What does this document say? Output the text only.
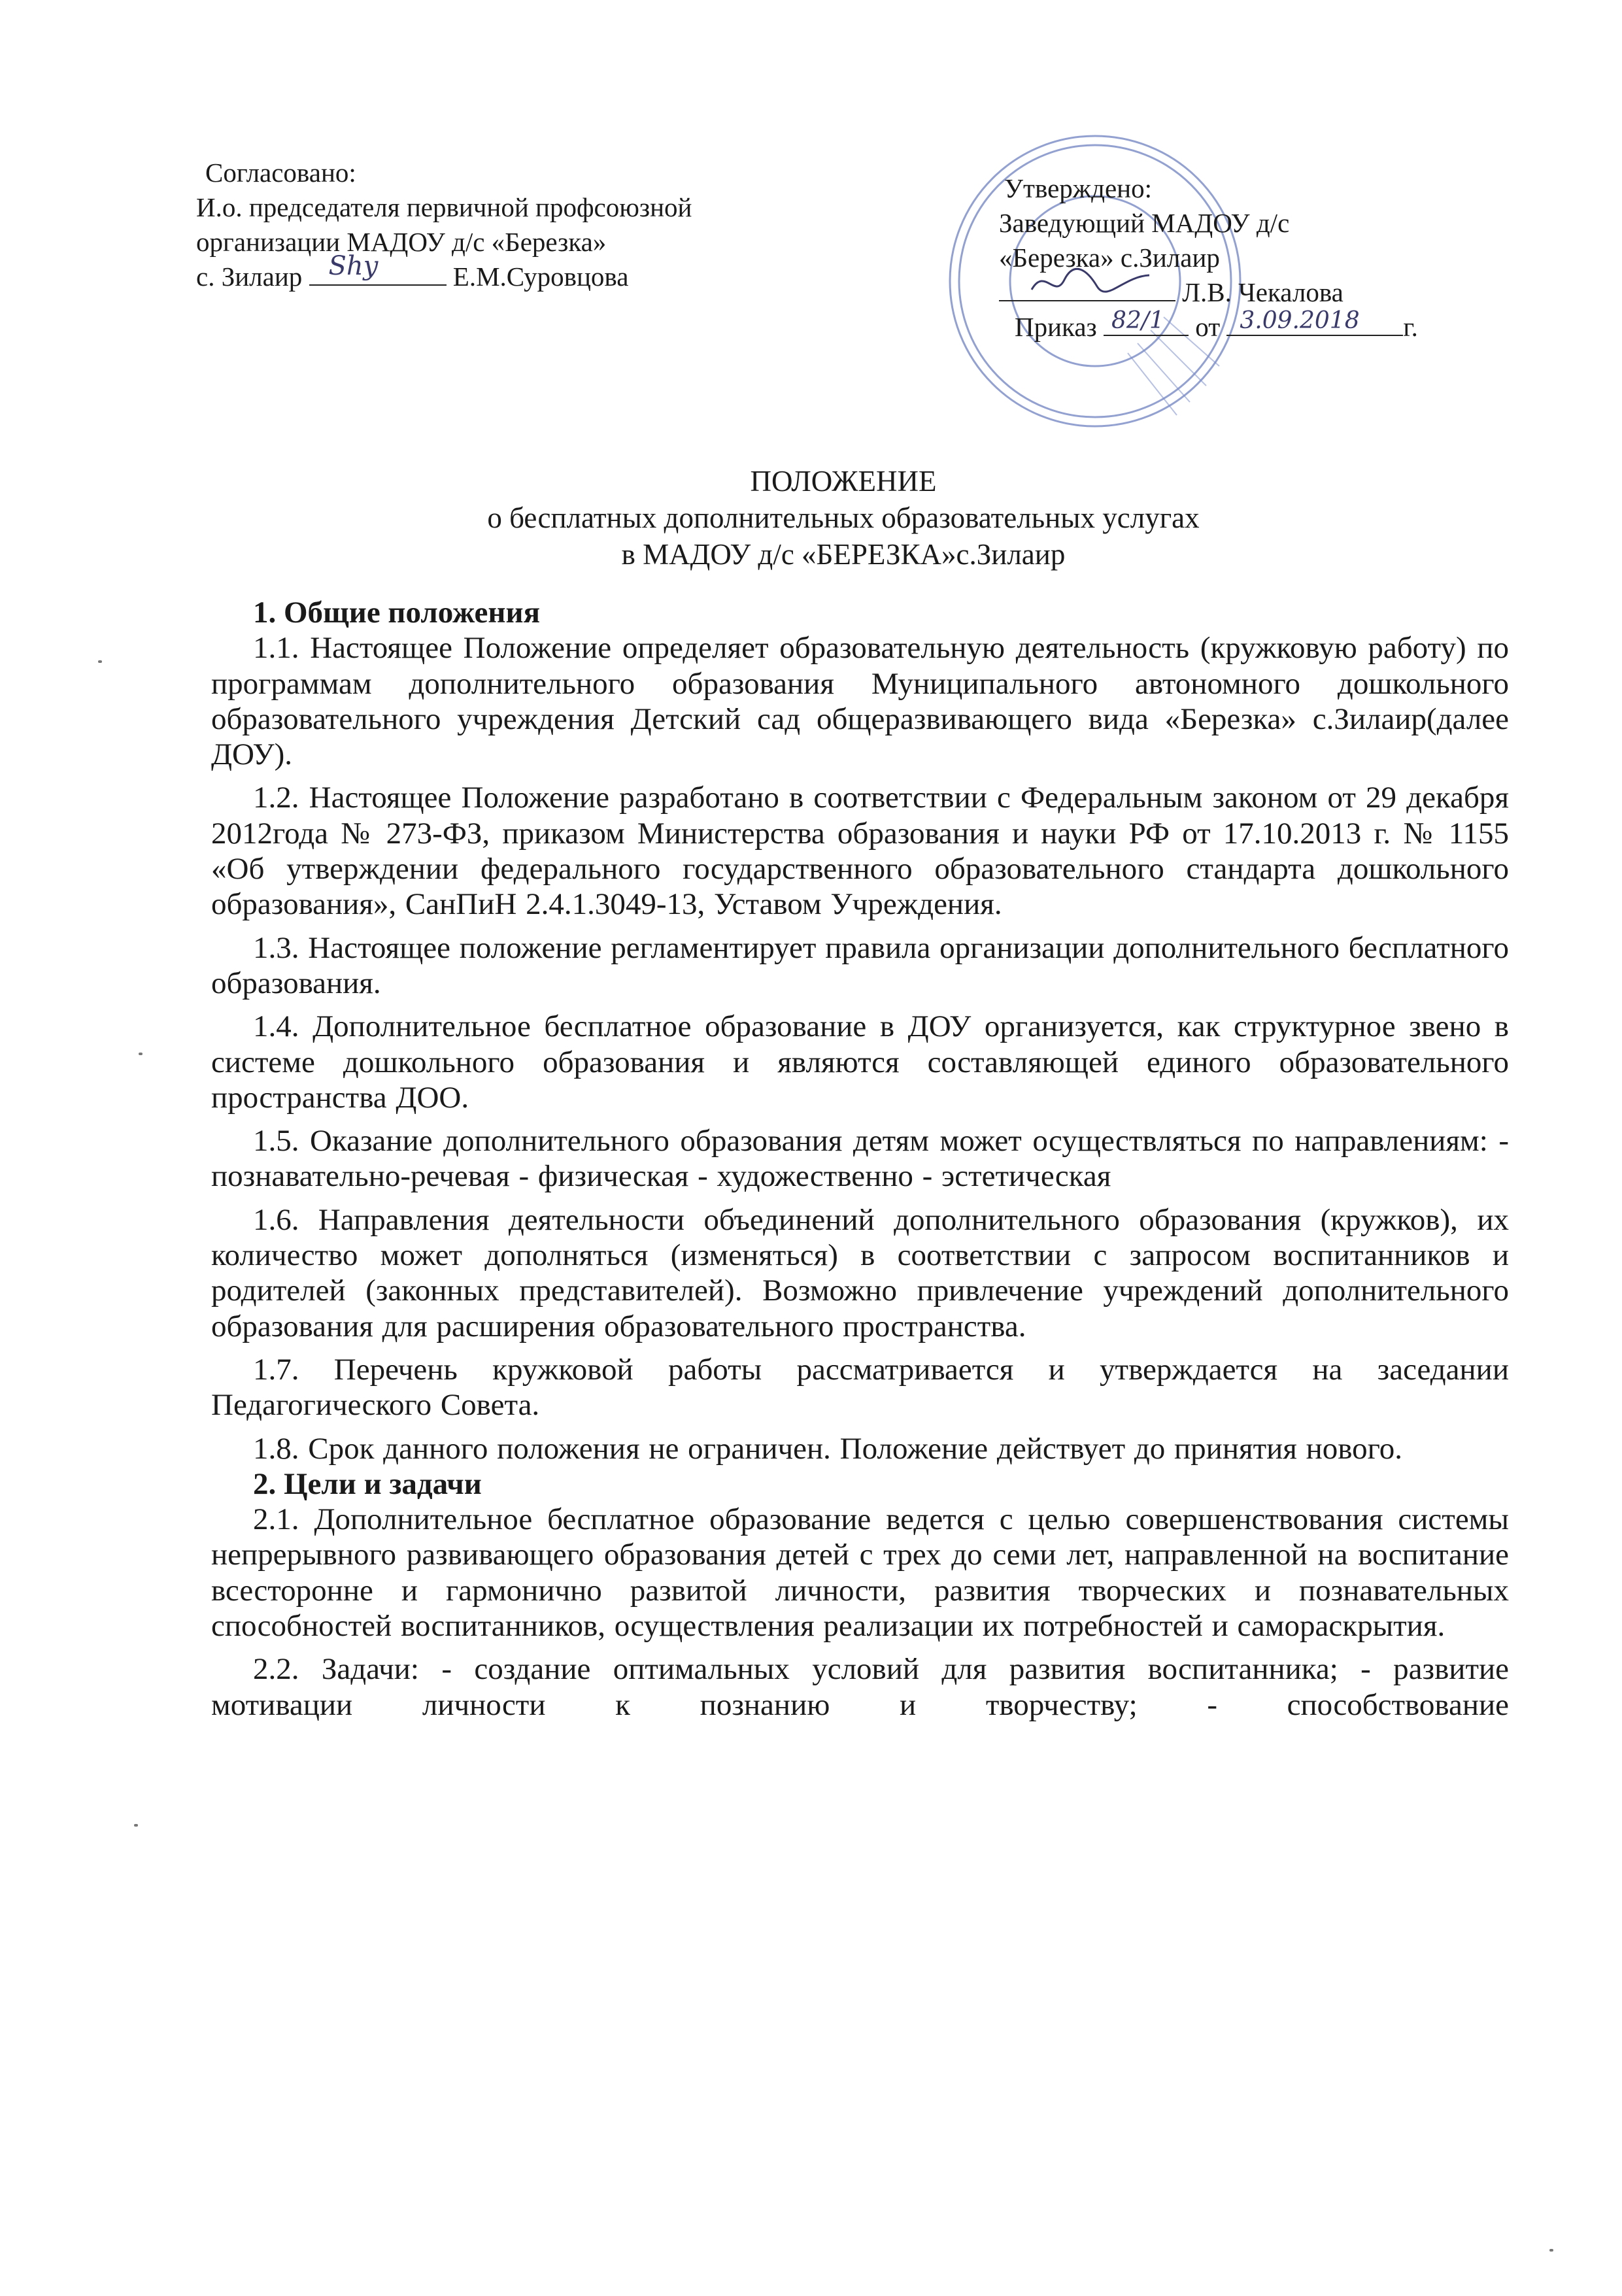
Согласовано:
И.о. председателя первичной профсоюзной
организации МАДОУ д/с «Березка»
с. Зилаир Shy	Е.М.Суровцова
Утверждено:
Заведующий МАДОУ д/с
«Березка» с.Зилаир
Л.В. Чекалова
Приказ 82/1 от 3.09.2018 г.
ПОЛОЖЕНИЕ
о бесплатных дополнительных образовательных услугах
в МАДОУ д/с «БЕРЕЗКА»с.Зилаир
1. Общие положения

1.1. Настоящее Положение определяет образовательную деятельность (кружковую работу) по программам дополнительного образования Муниципального автономного дошкольного образовательного учреждения Детский сад общеразвивающего вида «Березка» с.Зилаир(далее ДОУ).

1.2. Настоящее Положение разработано в соответствии с Федеральным законом от 29 декабря 2012года № 273-ФЗ, приказом Министерства образования и науки РФ от 17.10.2013 г. № 1155 «Об утверждении федерального государственного образовательного стандарта дошкольного образования», СанПиН 2.4.1.3049-13, Уставом Учреждения.

1.3. Настоящее положение регламентирует правила организации дополнительного бесплатного образования.

1.4. Дополнительное бесплатное образование в ДОУ организуется, как структурное звено в системе дошкольного образования и являются составляющей единого образовательного пространства ДОО.

1.5. Оказание дополнительного образования детям может осуществляться по направлениям: - познавательно-речевая - физическая - художественно - эстетическая

1.6. Направления деятельности объединений дополнительного образования (кружков), их количество может дополняться (изменяться) в соответствии с запросом воспитанников и родителей (законных представителей). Возможно привлечение учреждений дополнительного образования для расширения образовательного пространства.

1.7. Перечень кружковой работы рассматривается и утверждается на заседании Педагогического Совета.

1.8. Срок данного положения не ограничен. Положение действует до принятия нового.

2. Цели и задачи

2.1. Дополнительное бесплатное образование ведется с целью совершенствования системы непрерывного развивающего образования детей с трех до семи лет, направленной на воспитание всесторонне и гармонично развитой личности, развития творческих и познавательных способностей воспитанников, осуществления реализации их потребностей и самораскрытия.

2.2. Задачи: - создание оптимальных условий для развития воспитанника; - развитие мотивации личности к познанию и творчеству; - способствование
